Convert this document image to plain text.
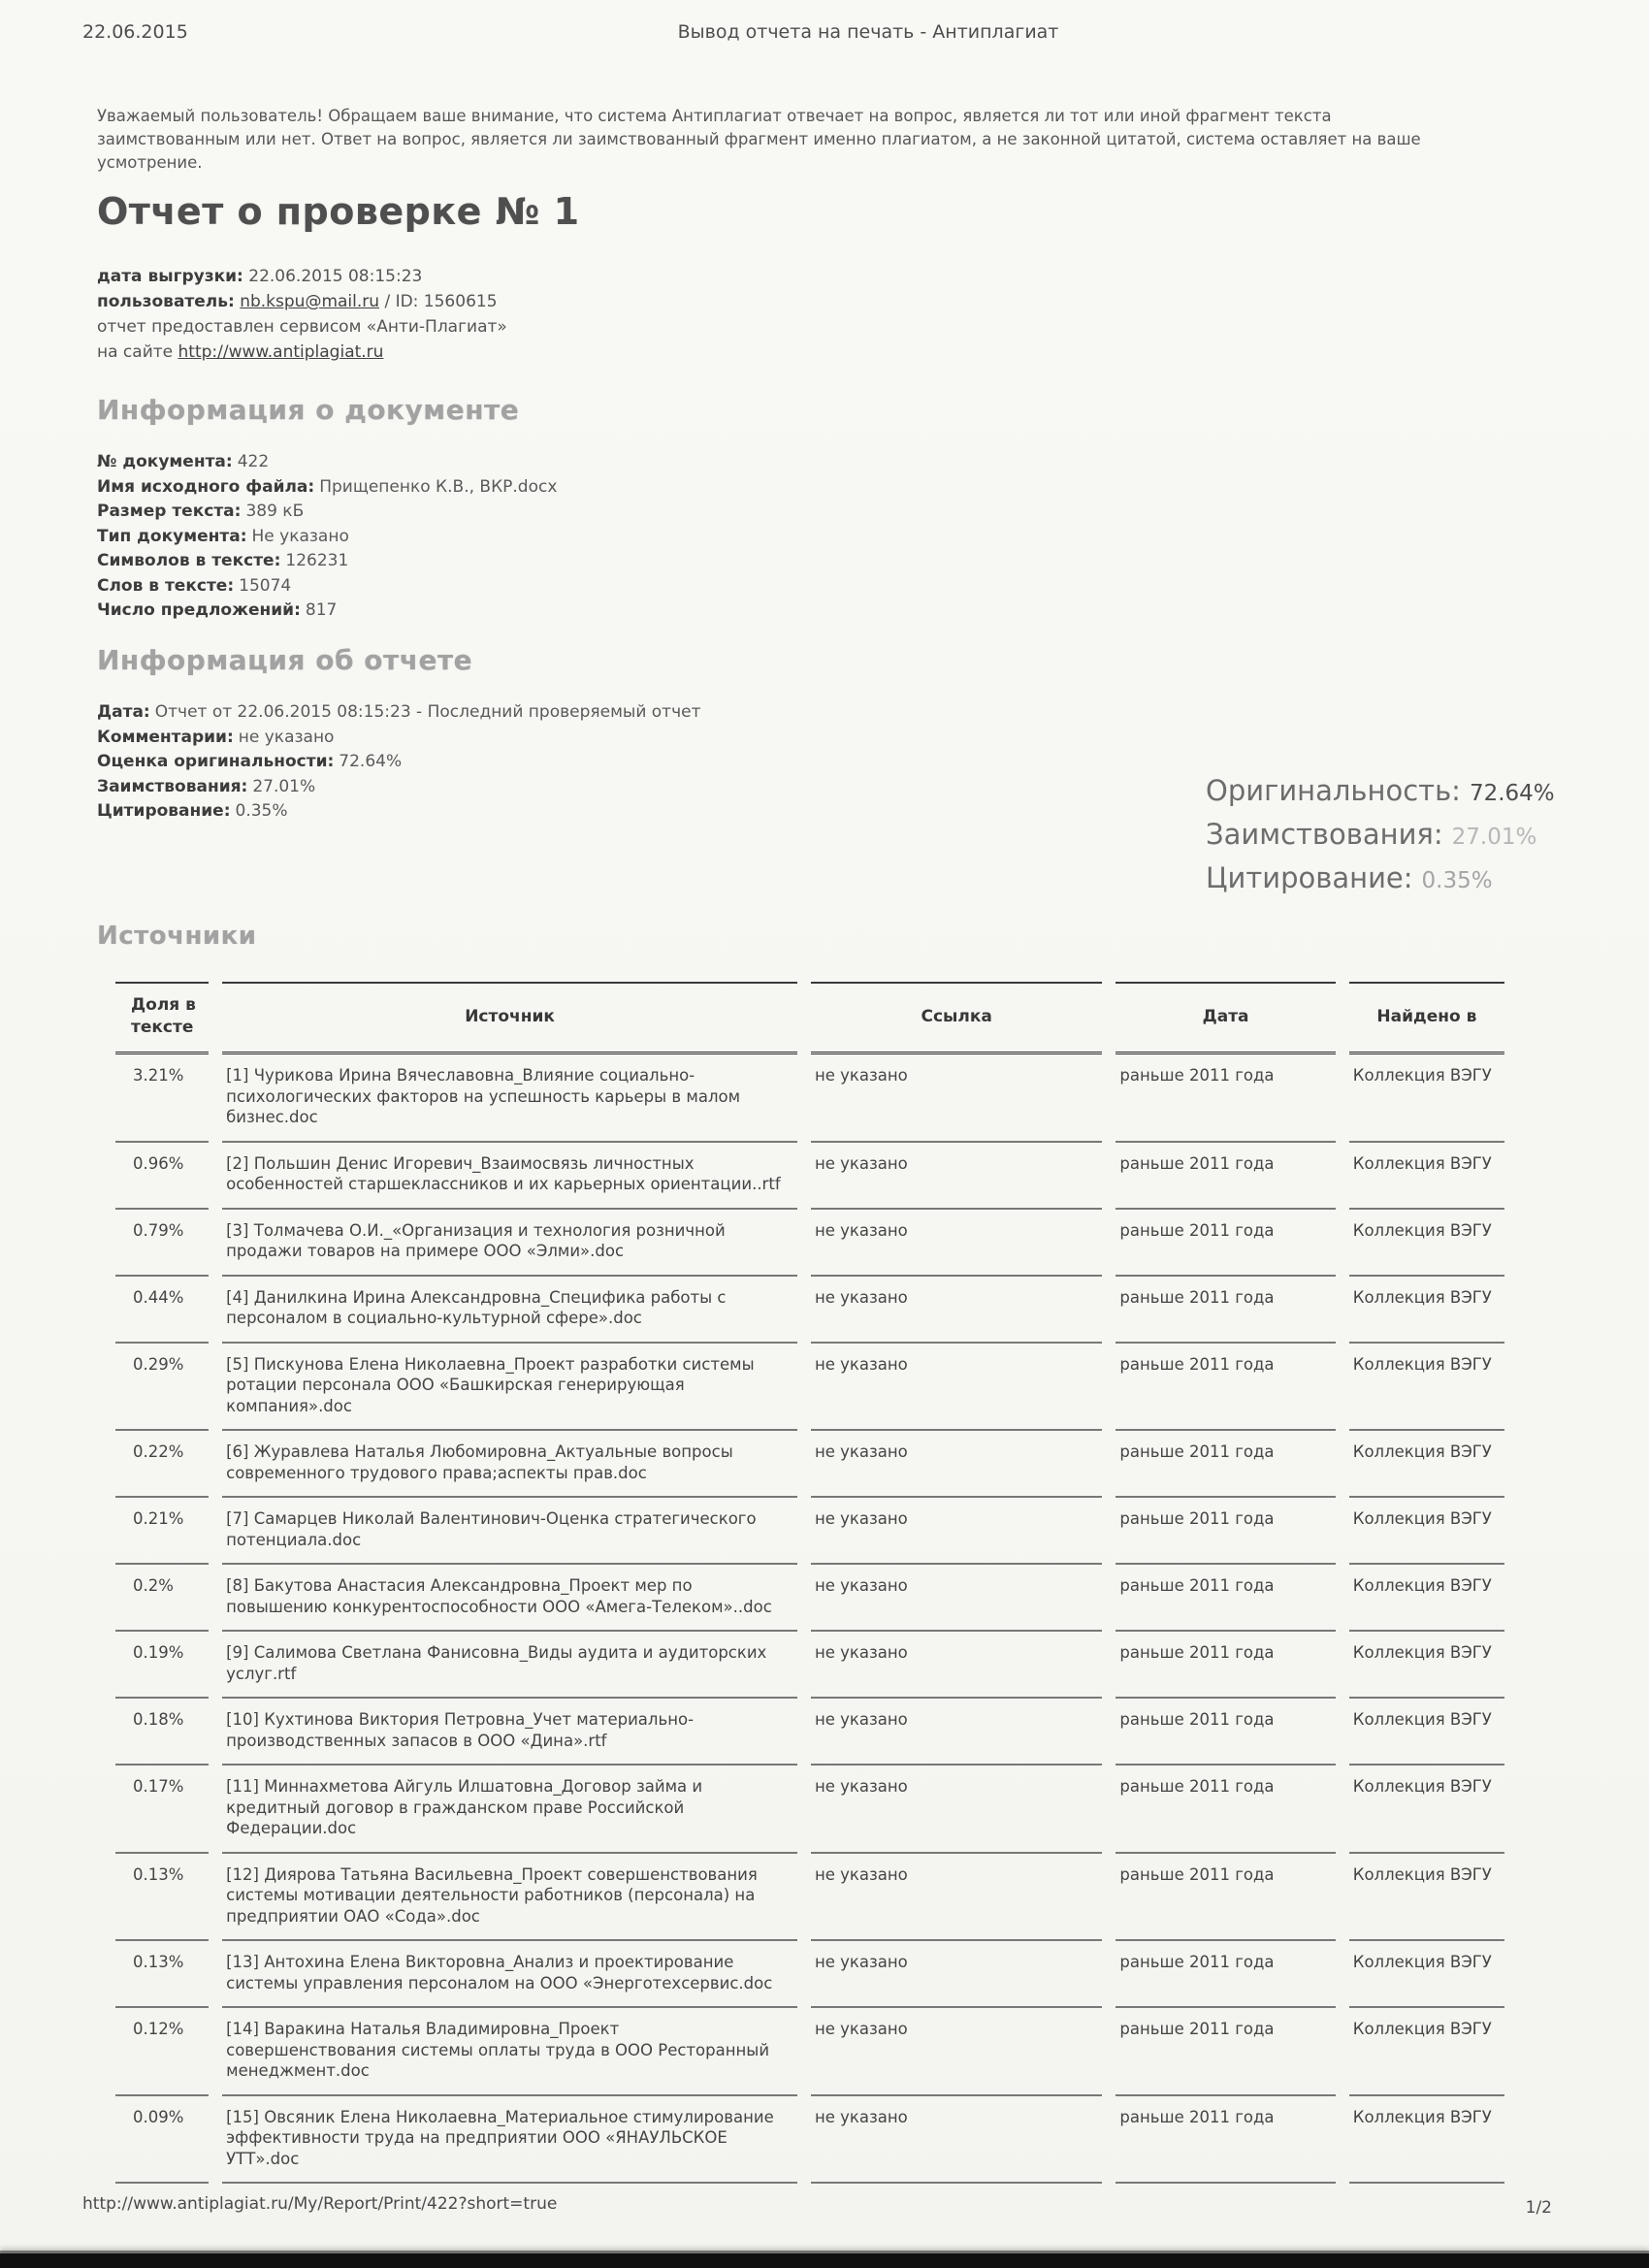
22.06.2015	Вывод отчета на печать - Антиплагиат

Уважаемый пользователь! Обращаем ваше внимание, что система Антиплагиат отвечает на вопрос, является ли тот или иной фрагмент текста заимствованным или нет. Ответ на вопрос, является ли заимствованный фрагмент именно плагиатом, а не законной цитатой, система оставляет на ваше усмотрение.

Отчет о проверке № 1
дата выгрузки: 22.06.2015 08:15:23
пользователь: nb.kspu@mail.ru / ID: 1560615
отчет предоставлен сервисом «Анти-Плагиат»
на сайте http://www.antiplagiat.ru
Информация о документе
№ документа: 422
Имя исходного файла: Прищепенко К.В., ВКР.docx
Размер текста: 389 кБ
Тип документа: Не указано
Символов в тексте: 126231
Слов в тексте: 15074
Число предложений: 817
Информация об отчете
Дата: Отчет от 22.06.2015 08:15:23 - Последний проверяемый отчет
Комментарии: не указано
Оценка оригинальности: 72.64%
Заимствования: 27.01%
Цитирование: 0.35%
Оригинальность: 72.64%
Заимствования: 27.01%
Цитирование: 0.35%
Источники
Доля в тексте	Источник	Ссылка	Дата	Найдено в
3.21%	[1] Чурикова Ирина Вячеславовна_Влияние социально-психологических факторов на успешность карьеры в малом бизнес.doc	не указано	раньше 2011 года	Коллекция ВЭГУ
0.96%	[2] Польшин Денис Игоревич_Взаимосвязь личностных особенностей старшеклассников и их карьерных ориентации..rtf	не указано	раньше 2011 года	Коллекция ВЭГУ
0.79%	[3] Толмачева О.И._«Организация и технология розничной продажи товаров на примере ООО «Элми».doc	не указано	раньше 2011 года	Коллекция ВЭГУ
0.44%	[4] Данилкина Ирина Александровна_Специфика работы с персоналом в социально-культурной сфере».doc	не указано	раньше 2011 года	Коллекция ВЭГУ
0.29%	[5] Пискунова Елена Николаевна_Проект разработки системы ротации персонала ООО «Башкирская генерирующая компания».doc	не указано	раньше 2011 года	Коллекция ВЭГУ
0.22%	[6] Журавлева Наталья Любомировна_Актуальные вопросы современного трудового права;аспекты прав.doc	не указано	раньше 2011 года	Коллекция ВЭГУ
0.21%	[7] Самарцев Николай Валентинович-Оценка стратегического потенциала.doc	не указано	раньше 2011 года	Коллекция ВЭГУ
0.2%	[8] Бакутова Анастасия Александровна_Проект мер по повышению конкурентоспособности ООО «Амега-Телеком»..doc	не указано	раньше 2011 года	Коллекция ВЭГУ
0.19%	[9] Салимова Светлана Фанисовна_Виды аудита и аудиторских услуг.rtf	не указано	раньше 2011 года	Коллекция ВЭГУ
0.18%	[10] Кухтинова Виктория Петровна_Учет материально-производственных запасов в ООО «Дина».rtf	не указано	раньше 2011 года	Коллекция ВЭГУ
0.17%	[11] Миннахметова Айгуль Илшатовна_Договор займа и кредитный договор в гражданском праве Российской Федерации.doc	не указано	раньше 2011 года	Коллекция ВЭГУ
0.13%	[12] Диярова Татьяна Васильевна_Проект совершенствования системы мотивации деятельности работников (персонала) на предприятии ОАО «Сода».doc	не указано	раньше 2011 года	Коллекция ВЭГУ
0.13%	[13] Антохина Елена Викторовна_Анализ и проектирование системы управления персоналом на ООО «Энерготехсервис.doc	не указано	раньше 2011 года	Коллекция ВЭГУ
0.12%	[14] Варакина Наталья Владимировна_Проект совершенствования системы оплаты труда в ООО Ресторанный менеджмент.doc	не указано	раньше 2011 года	Коллекция ВЭГУ
0.09%	[15] Овсяник Елена Николаевна_Материальное стимулирование эффективности труда на предприятии ООО «ЯНАУЛЬСКОЕ УТТ».doc	не указано	раньше 2011 года	Коллекция ВЭГУ
http://www.antiplagiat.ru/My/Report/Print/422?short=true	1/2
